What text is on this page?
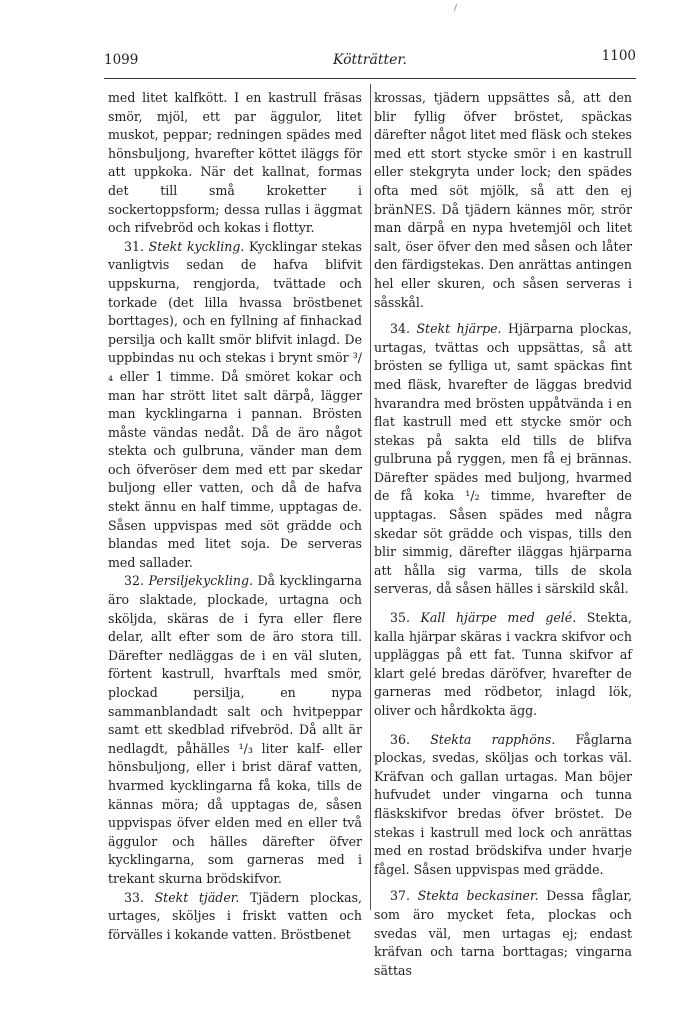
1099	Kötträtter.	1100

med litet kalfkött. I en kastrull fräsas smör, mjöl, ett par äggulor, litet muskot, peppar; redningen spädes med hönsbuljong, hvarefter köttet iläggs för att uppkoka. När det kallnat, formas det till små kroketter i sockertoppsform; dessa rullas i äggmat och rifvebröd och kokas i flottyr.

31. Stekt kyckling. Kycklingar stekas vanligtvis sedan de hafva blifvit uppskurna, rengjorda, tvättade och torkade (det lilla hvassa bröstbenet borttages), och en fyllning af finhackad persilja och kallt smör blifvit inlagd. De uppbindas nu och stekas i brynt smör ³/₄ eller 1 timme. Då smöret kokar och man har strött litet salt därpå, lägger man kycklingarna i pannan. Brösten måste vändas nedåt. Då de äro något stekta och gulbruna, vänder man dem och öfveröser dem med ett par skedar buljong eller vatten, och då de hafva stekt ännu en half timme, upptagas de. Såsen uppvispas med söt grädde och blandas med litet soja. De serveras med sallader.

32. Persiljekyckling. Då kycklingarna äro slaktade, plockade, urtagna och sköljda, skäras de i fyra eller flere delar, allt efter som de äro stora till. Därefter nedläggas de i en väl sluten, förtent kastrull, hvarftals med smör, plockad persilja, en nypa sammanblandadt salt och hvitpeppar samt ett skedblad rifvebröd. Då allt är nedlagdt, påhälles ¹/₃ liter kalf- eller hönsbuljong, eller i brist däraf vatten, hvarmed kycklingarna få koka, tills de kännas möra; då upptagas de, såsen uppvispas öfver elden med en eller två äggulor och hälles därefter öfver kycklingarna, som garneras med i trekant skurna brödskifvor.

33. Stekt tjäder. Tjädern plockas, urtages, sköljes i friskt vatten och förvälles i kokande vatten. Bröstbenet

krossas, tjädern uppsättes så, att den blir fyllig öfver bröstet, späckas därefter något litet med fläsk och stekes med ett stort stycke smör i en kastrull eller stekgryta under lock; den spädes ofta med söt mjölk, så att den ej bränNES. Då tjädern kännes mör, strör man därpå en nypa hvetemjöl och litet salt, öser öfver den med såsen och låter den färdigstekas. Den anrättas antingen hel eller skuren, och såsen serveras i såsskål.

34. Stekt hjärpe. Hjärparna plockas, urtagas, tvättas och uppsättas, så att brösten se fylliga ut, samt späckas fint med fläsk, hvarefter de läggas bredvid hvarandra med brösten uppåtvända i en flat kastrull med ett stycke smör och stekas på sakta eld tills de blifva gulbruna på ryggen, men få ej brännas. Därefter spädes med buljong, hvarmed de få koka ¹/₂ timme, hvarefter de upptagas. Såsen spädes med några skedar söt grädde och vispas, tills den blir simmig, därefter iläggas hjärparna att hålla sig varma, tills de skola serveras, då såsen hälles i särskild skål.

35. Kall hjärpe med gelé. Stekta, kalla hjärpar skäras i vackra skifvor och uppläggas på ett fat. Tunna skifvor af klart gelé bredas däröfver, hvarefter de garneras med rödbetor, inlagd lök, oliver och hårdkokta ägg.

36. Stekta rapphöns. Fåglarna plockas, svedas, sköljas och torkas väl. Kräfvan och gallan urtagas. Man böjer hufvudet under vingarna och tunna fläskskifvor bredas öfver bröstet. De stekas i kastrull med lock och anrättas med en rostad brödskifva under hvarje fågel. Såsen uppvispas med grädde.

37. Stekta beckasiner. Dessa fåglar, som äro mycket feta, plockas och svedas väl, men urtagas ej; endast kräfvan och tarna borttagas; vingarna sättas
